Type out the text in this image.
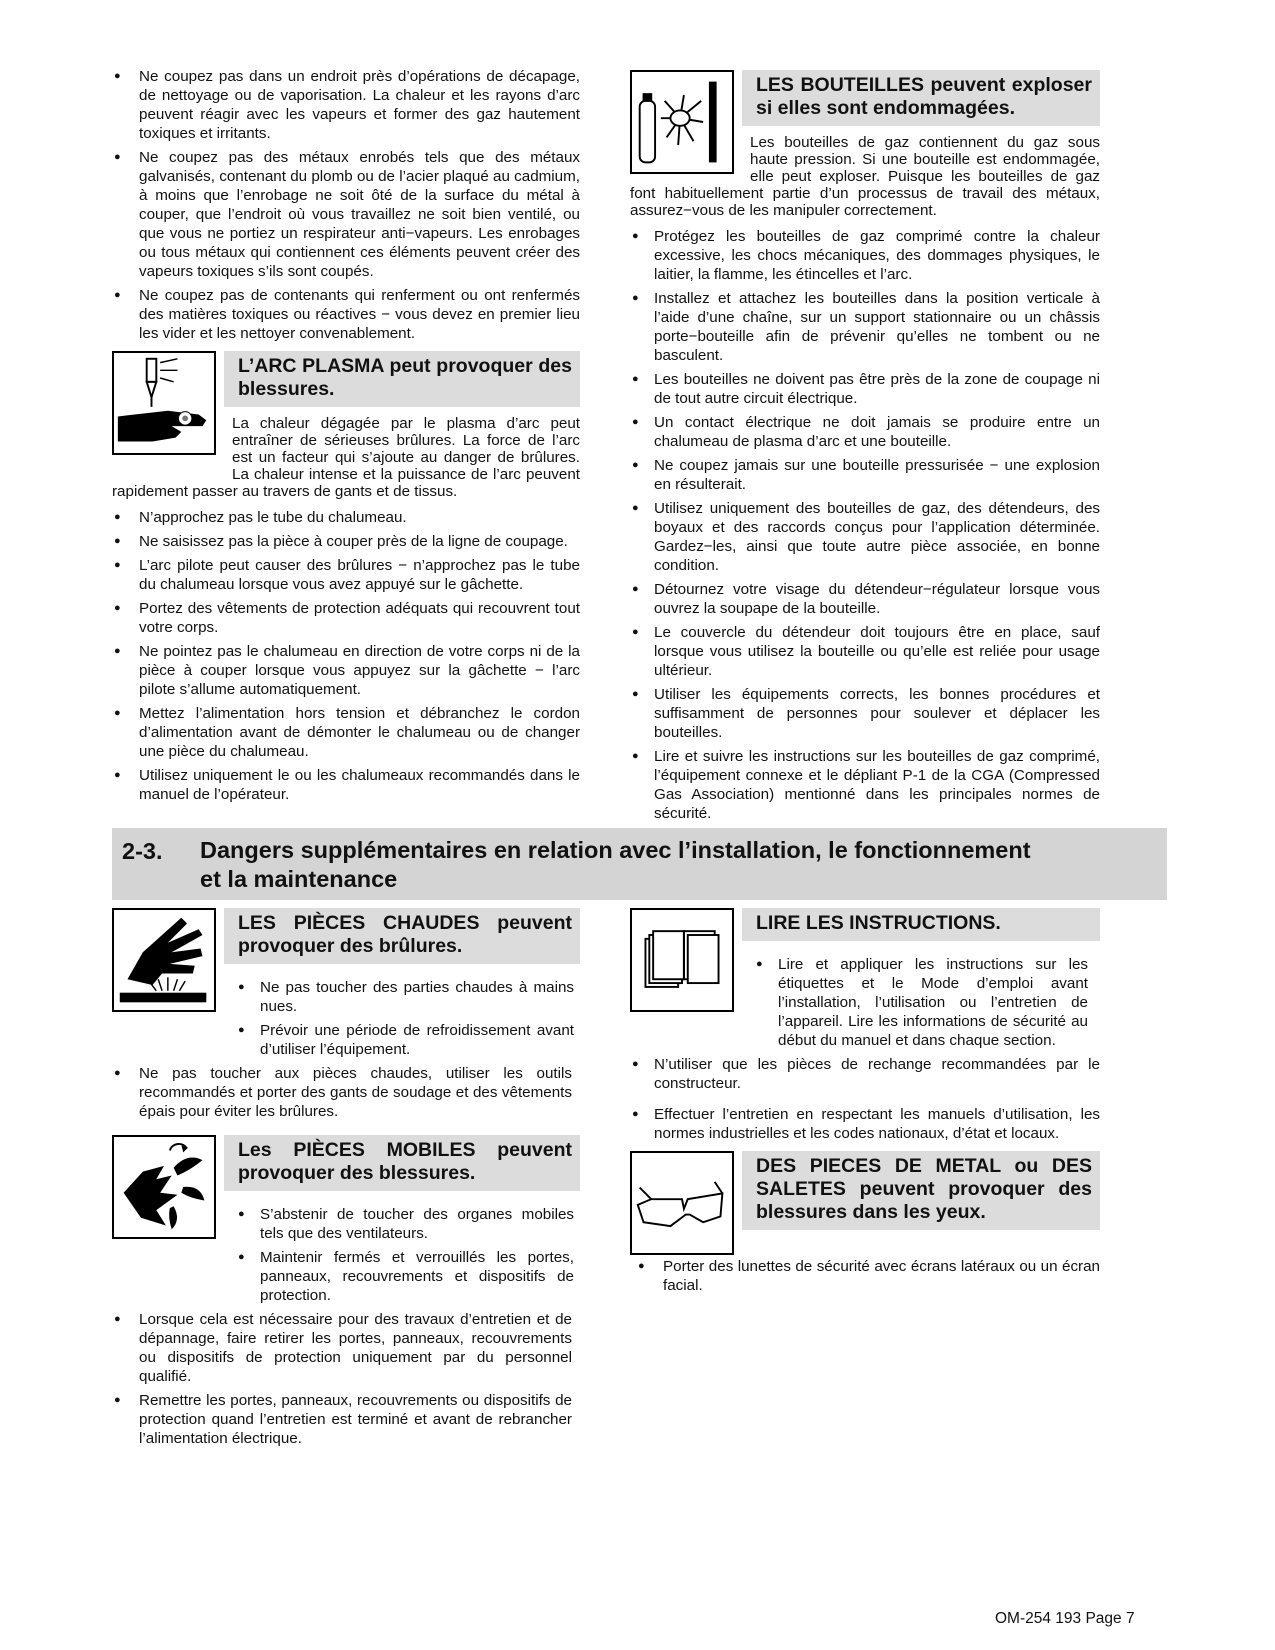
● Ne coupez pas dans un endroit près d’opérations de décapage, de nettoyage ou de vaporisation. La chaleur et les rayons d’arc peuvent réagir avec les vapeurs et former des gaz hautement toxiques et irritants.
● Ne coupez pas des métaux enrobés tels que des métaux galvanisés, contenant du plomb ou de l’acier plaqué au cadmium, à moins que l’enrobage ne soit ôté de la surface du métal à couper, que l’endroit où vous travaillez ne soit bien ventilé, ou que vous ne portiez un respirateur anti−vapeurs. Les enrobages ou tous métaux qui contiennent ces éléments peuvent créer des vapeurs toxiques s’ils sont coupés.
● Ne coupez pas de contenants qui renferment ou ont renfermés des matières toxiques ou réactives − vous devez en premier lieu les vider et les nettoyer convenablement.
L’ARC PLASMA peut provoquer des blessures.
La chaleur dégagée par le plasma d’arc peut entraîner de sérieuses brûlures. La force de l’arc est un facteur qui s’ajoute au danger de brûlures. La chaleur intense et la puissance de l’arc peuvent rapidement passer au travers de gants et de tissus.
● N’approchez pas le tube du chalumeau.
● Ne saisissez pas la pièce à couper près de la ligne de coupage.
● L’arc pilote peut causer des brûlures − n’approchez pas le tube du chalumeau lorsque vous avez appuyé sur le gâchette.
● Portez des vêtements de protection adéquats qui recouvrent tout votre corps.
● Ne pointez pas le chalumeau en direction de votre corps ni de la pièce à couper lorsque vous appuyez sur la gâchette − l’arc pilote s’allume automatiquement.
● Mettez l’alimentation hors tension et débranchez le cordon d’alimentation avant de démonter le chalumeau ou de changer une pièce du chalumeau.
● Utilisez uniquement le ou les chalumeaux recommandés dans le manuel de l’opérateur.
LES BOUTEILLES peuvent exploser si elles sont endommagées.
Les bouteilles de gaz contiennent du gaz sous haute pression. Si une bouteille est endommagée, elle peut exploser. Puisque les bouteilles de gaz font habituellement partie d’un processus de travail des métaux, assurez−vous de les manipuler correctement.
● Protégez les bouteilles de gaz comprimé contre la chaleur excessive, les chocs mécaniques, des dommages physiques, le laitier, la flamme, les étincelles et l’arc.
● Installez et attachez les bouteilles dans la position verticale à l’aide d’une chaîne, sur un support stationnaire ou un châssis porte−bouteille afin de prévenir qu’elles ne tombent ou ne basculent.
● Les bouteilles ne doivent pas être près de la zone de coupage ni de tout autre circuit électrique.
● Un contact électrique ne doit jamais se produire entre un chalumeau de plasma d’arc et une bouteille.
● Ne coupez jamais sur une bouteille pressurisée − une explosion en résulterait.
● Utilisez uniquement des bouteilles de gaz, des détendeurs, des boyaux et des raccords conçus pour l’application déterminée. Gardez−les, ainsi que toute autre pièce associée, en bonne condition.
● Détournez votre visage du détendeur−régulateur lorsque vous ouvrez la soupape de la bouteille.
● Le couvercle du détendeur doit toujours être en place, sauf lorsque vous utilisez la bouteille ou qu’elle est reliée pour usage ultérieur.
● Utiliser les équipements corrects, les bonnes procédures et suffisamment de personnes pour soulever et déplacer les bouteilles.
● Lire et suivre les instructions sur les bouteilles de gaz comprimé, l’équipement connexe et le dépliant P-1 de la CGA (Compressed Gas Association) mentionné dans les principales normes de sécurité.
2-3. Dangers supplémentaires en relation avec l’installation, le fonctionnement
et la maintenance
LES PIÈCES CHAUDES peuvent provoquer des brûlures.
● Ne pas toucher des parties chaudes à mains nues.
● Prévoir une période de refroidissement avant d’utiliser l’équipement.
● Ne pas toucher aux pièces chaudes, utiliser les outils recommandés et porter des gants de soudage et des vêtements épais pour éviter les brûlures.
Les PIÈCES MOBILES peuvent provoquer des blessures.
● S’abstenir de toucher des organes mobiles tels que des ventilateurs.
● Maintenir fermés et verrouillés les portes, panneaux, recouvrements et dispositifs de protection.
● Lorsque cela est nécessaire pour des travaux d’entretien et de dépannage, faire retirer les portes, panneaux, recouvrements ou dispositifs de protection uniquement par du personnel qualifié.
● Remettre les portes, panneaux, recouvrements ou dispositifs de protection quand l’entretien est terminé et avant de rebrancher l’alimentation électrique.
LIRE LES INSTRUCTIONS.
● Lire et appliquer les instructions sur les étiquettes et le Mode d’emploi avant l’installation, l’utilisation ou l’entretien de l’appareil. Lire les informations de sécurité au début du manuel et dans chaque section.
● N’utiliser que les pièces de rechange recommandées par le constructeur.
● Effectuer l’entretien en respectant les manuels d’utilisation, les normes industrielles et les codes nationaux, d’état et locaux.
DES PIECES DE METAL ou DES SALETES peuvent provoquer des blessures dans les yeux.
● Porter des lunettes de sécurité avec écrans latéraux ou un écran facial.
OM-254 193 Page 7
